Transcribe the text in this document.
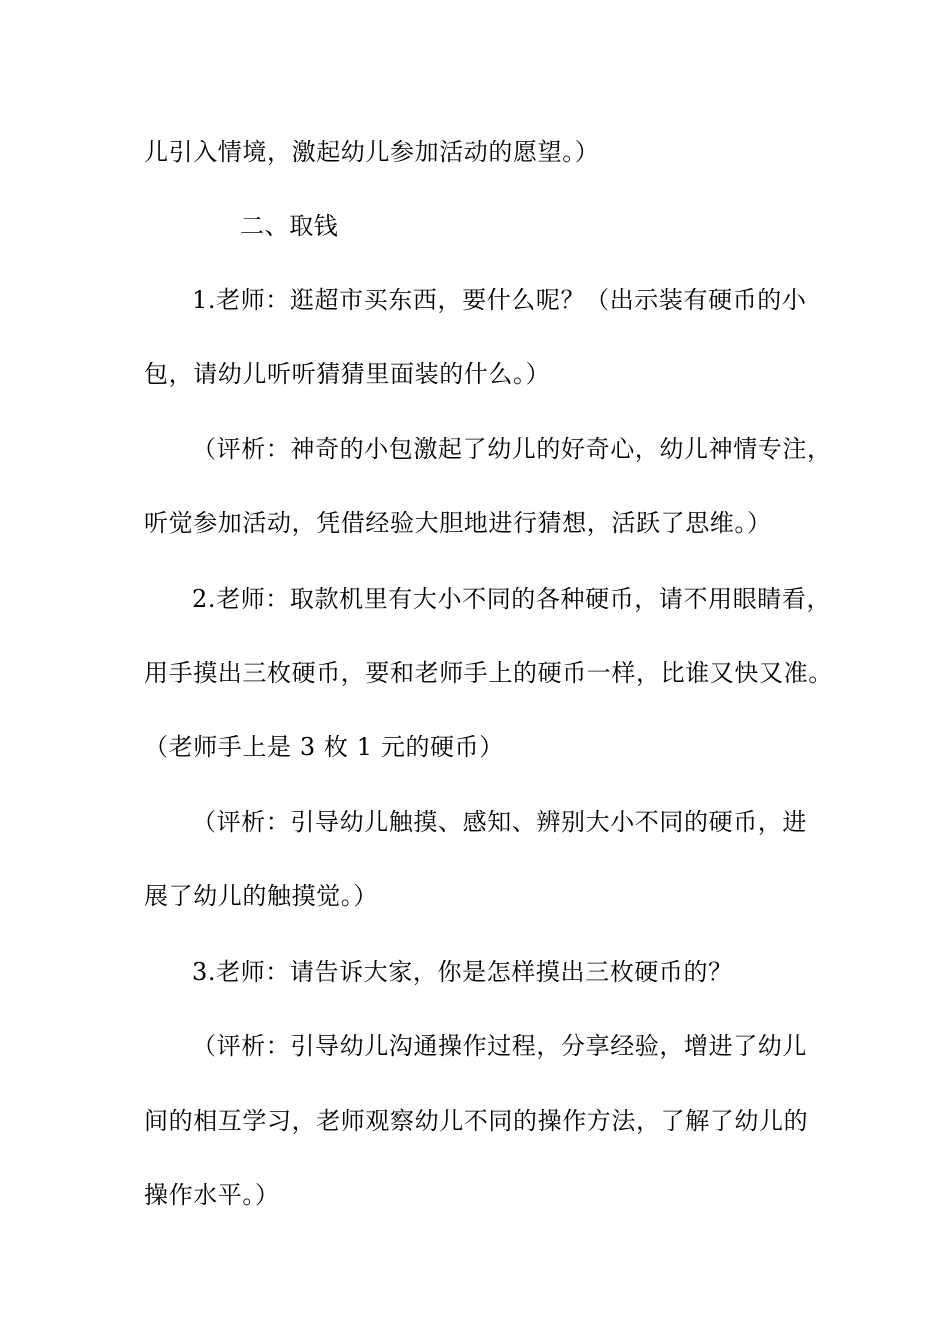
儿引入情境，激起幼儿参加活动的愿望。）
二、取钱
1.老师：逛超市买东西，要什么呢？（出示装有硬币的小
包，请幼儿听听猜猜里面装的什么。）
（评析：神奇的小包激起了幼儿的好奇心，幼儿神情专注，
听觉参加活动，凭借经验大胆地进行猜想，活跃了思维。）
2.老师：取款机里有大小不同的各种硬币，请不用眼睛看，
用手摸出三枚硬币，要和老师手上的硬币一样，比谁又快又准。
（老师手上是 3 枚 1 元的硬币）
（评析：引导幼儿触摸、感知、辨别大小不同的硬币，进
展了幼儿的触摸觉。）
3.老师：请告诉大家，你是怎样摸出三枚硬币的？
（评析：引导幼儿沟通操作过程，分享经验，增进了幼儿
间的相互学习，老师观察幼儿不同的操作方法，了解了幼儿的
操作水平。）
